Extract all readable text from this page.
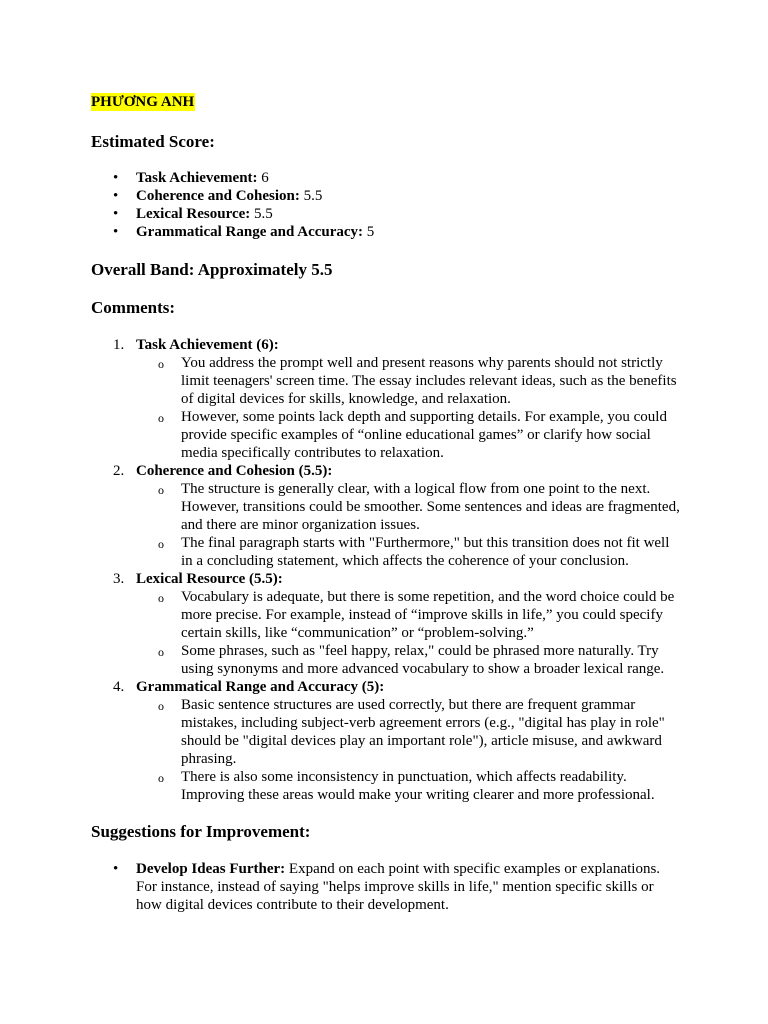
PHƯƠNG ANH
Estimated Score:
• Task Achievement: 6
• Coherence and Cohesion: 5.5
• Lexical Resource: 5.5
• Grammatical Range and Accuracy: 5
Overall Band: Approximately 5.5
Comments:
1. Task Achievement (6):
o You address the prompt well and present reasons why parents should not strictly limit teenagers' screen time. The essay includes relevant ideas, such as the benefits of digital devices for skills, knowledge, and relaxation.
o However, some points lack depth and supporting details. For example, you could provide specific examples of “online educational games” or clarify how social media specifically contributes to relaxation.
2. Coherence and Cohesion (5.5):
o The structure is generally clear, with a logical flow from one point to the next. However, transitions could be smoother. Some sentences and ideas are fragmented, and there are minor organization issues.
o The final paragraph starts with "Furthermore," but this transition does not fit well in a concluding statement, which affects the coherence of your conclusion.
3. Lexical Resource (5.5):
o Vocabulary is adequate, but there is some repetition, and the word choice could be more precise. For example, instead of “improve skills in life,” you could specify certain skills, like “communication” or “problem-solving.”
o Some phrases, such as "feel happy, relax," could be phrased more naturally. Try using synonyms and more advanced vocabulary to show a broader lexical range.
4. Grammatical Range and Accuracy (5):
o Basic sentence structures are used correctly, but there are frequent grammar mistakes, including subject-verb agreement errors (e.g., "digital has play in role" should be "digital devices play an important role"), article misuse, and awkward phrasing.
o There is also some inconsistency in punctuation, which affects readability. Improving these areas would make your writing clearer and more professional.
Suggestions for Improvement:
• Develop Ideas Further: Expand on each point with specific examples or explanations. For instance, instead of saying "helps improve skills in life," mention specific skills or how digital devices contribute to their development.
